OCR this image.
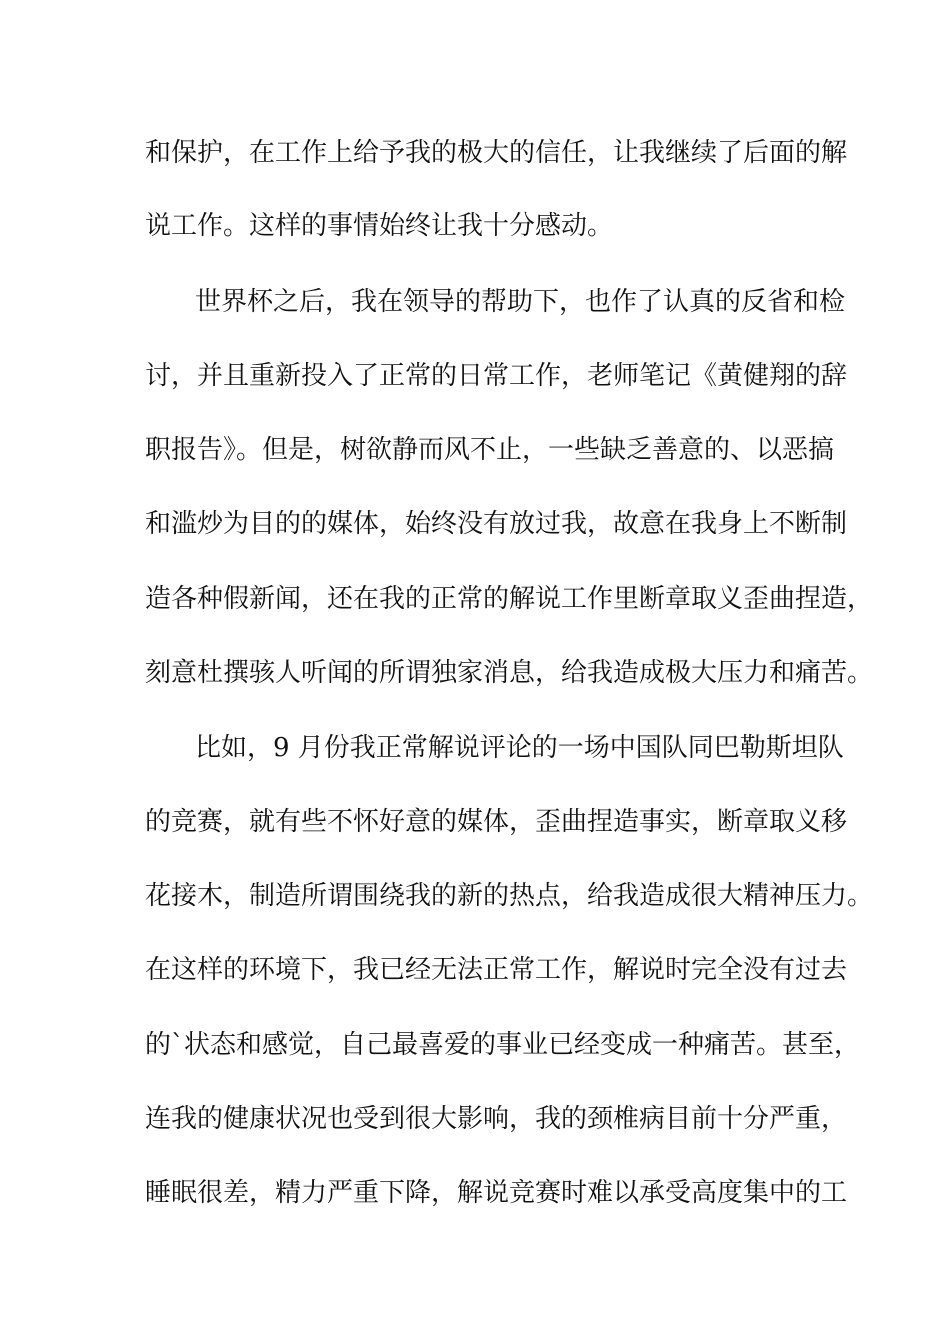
和保护，在工作上给予我的极大的信任，让我继续了后面的解
说工作。这样的事情始终让我十分感动。
世界杯之后，我在领导的帮助下，也作了认真的反省和检
讨，并且重新投入了正常的日常工作，老师笔记《黄健翔的辞
职报告》。但是，树欲静而风不止，一些缺乏善意的、以恶搞
和滥炒为目的的媒体，始终没有放过我，故意在我身上不断制
造各种假新闻，还在我的正常的解说工作里断章取义歪曲捏造，
刻意杜撰骇人听闻的所谓独家消息，给我造成极大压力和痛苦。
比如，9 月份我正常解说评论的一场中国队同巴勒斯坦队
的竞赛，就有些不怀好意的媒体，歪曲捏造事实，断章取义移
花接木，制造所谓围绕我的新的热点，给我造成很大精神压力。
在这样的环境下，我已经无法正常工作，解说时完全没有过去
的`状态和感觉，自己最喜爱的事业已经变成一种痛苦。甚至，
连我的健康状况也受到很大影响，我的颈椎病目前十分严重，
睡眠很差，精力严重下降，解说竞赛时难以承受高度集中的工
